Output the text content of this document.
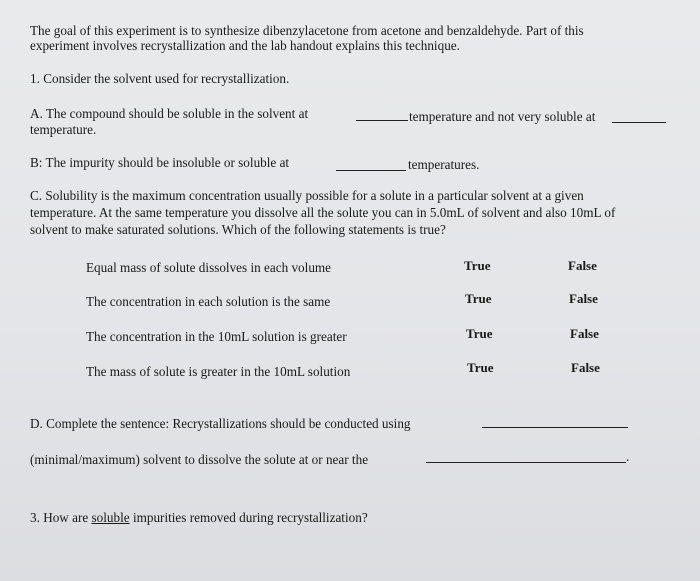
The goal of this experiment is to synthesize dibenzylacetone from acetone and benzaldehyde. Part of this
experiment involves recrystallization and the lab handout explains this technique.
1. Consider the solvent used for recrystallization.
A. The compound should be soluble in the solvent at	temperature and not very soluble at
temperature.
B: The impurity should be insoluble or soluble at	temperatures.
C. Solubility is the maximum concentration usually possible for a solute in a particular solvent at a given
temperature. At the same temperature you dissolve all the solute you can in 5.0mL of solvent and also 10mL of
solvent to make saturated solutions. Which of the following statements is true?
Equal mass of solute dissolves in each volume	True	False
The concentration in each solution is the same	True	False
The concentration in the 10mL solution is greater	True	False
The mass of solute is greater in the 10mL solution	True	False
D. Complete the sentence: Recrystallizations should be conducted using
(minimal/maximum) solvent to dissolve the solute at or near the	.
3. How are soluble impurities removed during recrystallization?
